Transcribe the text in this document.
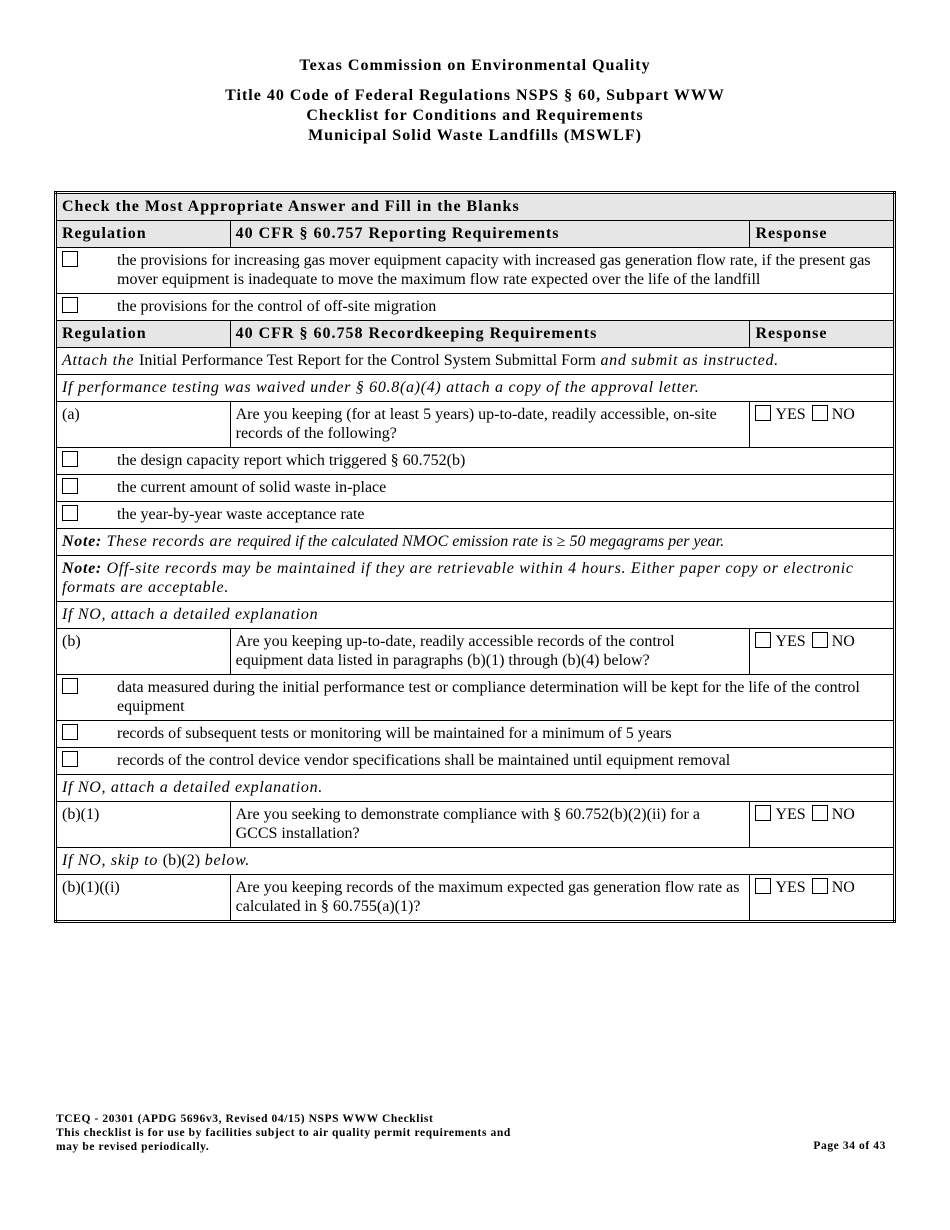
Texas Commission on Environmental Quality
Title 40 Code of Federal Regulations NSPS § 60, Subpart WWW
Checklist for Conditions and Requirements
Municipal Solid Waste Landfills (MSWLF)
Check the Most Appropriate Answer and Fill in the Blanks		
Regulation	40 CFR § 60.757 Reporting Requirements	Response

the provisions for increasing gas mover equipment capacity with increased gas generation flow rate, if the present gas mover equipment is inadequate to move the maximum flow rate expected over the life of the landfill		

the provisions for the control of off-site migration		

Regulation	40 CFR § 60.758 Recordkeeping Requirements	Response
Attach the Initial Performance Test Report for the Control System Submittal Form and submit as instructed.		
If performance testing was waived under § 60.8(a)(4) attach a copy of the approval letter.		
(a)	Are you keeping (for at least 5 years) up-to-date, readily accessible, on-site records of the following?	YES NO

the design capacity report which triggered § 60.752(b)		

the current amount of solid waste in-place		

the year-by-year waste acceptance rate		

Note: These records are required if the calculated NMOC emission rate is ≥ 50 megagrams per year.		
Note: Off-site records may be maintained if they are retrievable within 4 hours. Either paper copy or electronic formats are acceptable.		
If NO, attach a detailed explanation		
(b)	Are you keeping up-to-date, readily accessible records of the control equipment data listed in paragraphs (b)(1) through (b)(4) below?	YES NO

data measured during the initial performance test or compliance determination will be kept for the life of the control equipment		

records of subsequent tests or monitoring will be maintained for a minimum of 5 years		

records of the control device vendor specifications shall be maintained until equipment removal		

If NO, attach a detailed explanation.		
(b)(1)	Are you seeking to demonstrate compliance with § 60.752(b)(2)(ii) for a GCCS installation?	YES NO
If NO, skip to (b)(2) below.		
(b)(1)((i)	Are you keeping records of the maximum expected gas generation flow rate as calculated in § 60.755(a)(1)?	YES NO
TCEQ - 20301 (APDG 5696v3, Revised 04/15) NSPS WWW Checklist
This checklist is for use by facilities subject to air quality permit requirements and
may be revised periodically.	Page 34 of 43
